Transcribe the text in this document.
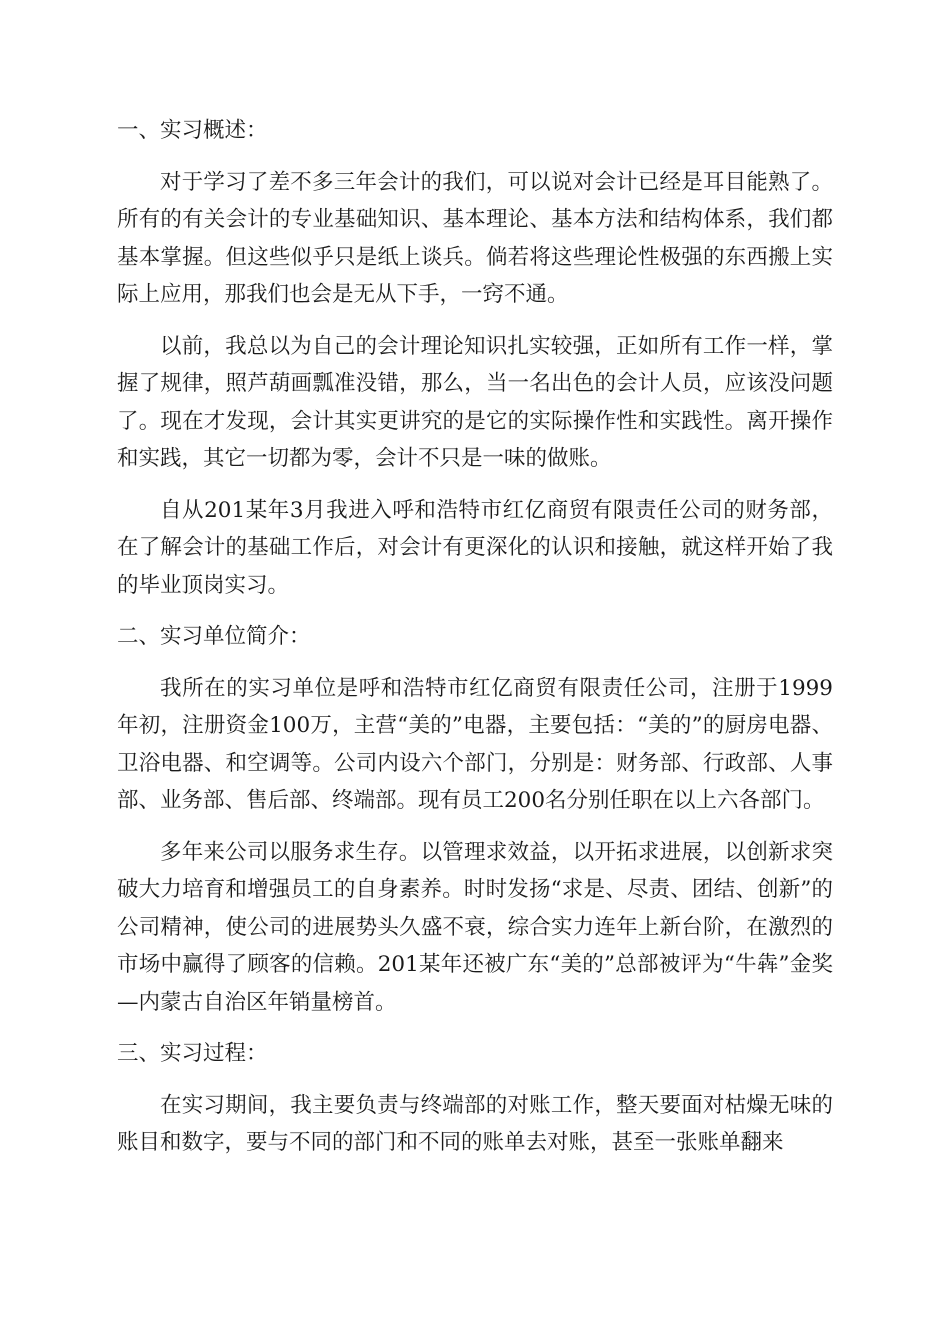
一、实习概述：
对于学习了差不多三年会计的我们，可以说对会计已经是耳目能熟了。所有的有关会计的专业基础知识、基本理论、基本方法和结构体系，我们都基本掌握。但这些似乎只是纸上谈兵。倘若将这些理论性极强的东西搬上实际上应用，那我们也会是无从下手，一窍不通。
以前，我总以为自己的会计理论知识扎实较强，正如所有工作一样，掌握了规律，照芦葫画瓢准没错，那么，当一名出色的会计人员，应该没问题了。现在才发现，会计其实更讲究的是它的实际操作性和实践性。离开操作和实践，其它一切都为零，会计不只是一味的做账。
自从201某年3月我进入呼和浩特市红亿商贸有限责任公司的财务部，在了解会计的基础工作后，对会计有更深化的认识和接触，就这样开始了我的毕业顶岗实习。
二、实习单位简介：
我所在的实习单位是呼和浩特市红亿商贸有限责任公司，注册于1999年初，注册资金100万，主营“美的”电器，主要包括：“美的”的厨房电器、卫浴电器、和空调等。公司内设六个部门，分别是：财务部、行政部、人事部、业务部、售后部、终端部。现有员工200名分别任职在以上六各部门。
多年来公司以服务求生存。以管理求效益，以开拓求进展，以创新求突破大力培育和增强员工的自身素养。时时发扬“求是、尽责、团结、创新”的公司精神，使公司的进展势头久盛不衰，综合实力连年上新台阶，在激烈的市场中赢得了顾客的信赖。201某年还被广东“美的”总部被评为“牛犇”金奖—内蒙古自治区年销量榜首。
三、实习过程：
在实习期间，我主要负责与终端部的对账工作，整天要面对枯燥无味的账目和数字，要与不同的部门和不同的账单去对账，甚至一张账单翻来
